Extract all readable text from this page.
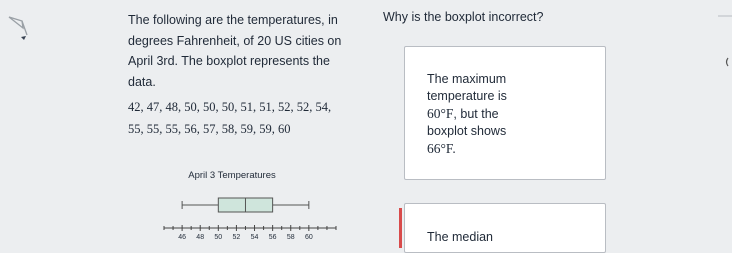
The following are the temperatures, in

degrees Fahrenheit, of 20 US cities on

April 3rd. The boxplot represents the

data.

42, 47, 48, 50, 50, 50, 51, 51, 52, 52, 54,
55, 55, 55, 56, 57, 58, 59, 59, 60
April 3 Temperatures
46 48 50 52 54 56 58 60
Why is the boxplot incorrect?
The maximum
temperature is
60°F, but the
boxplot shows
66°F.
The median
